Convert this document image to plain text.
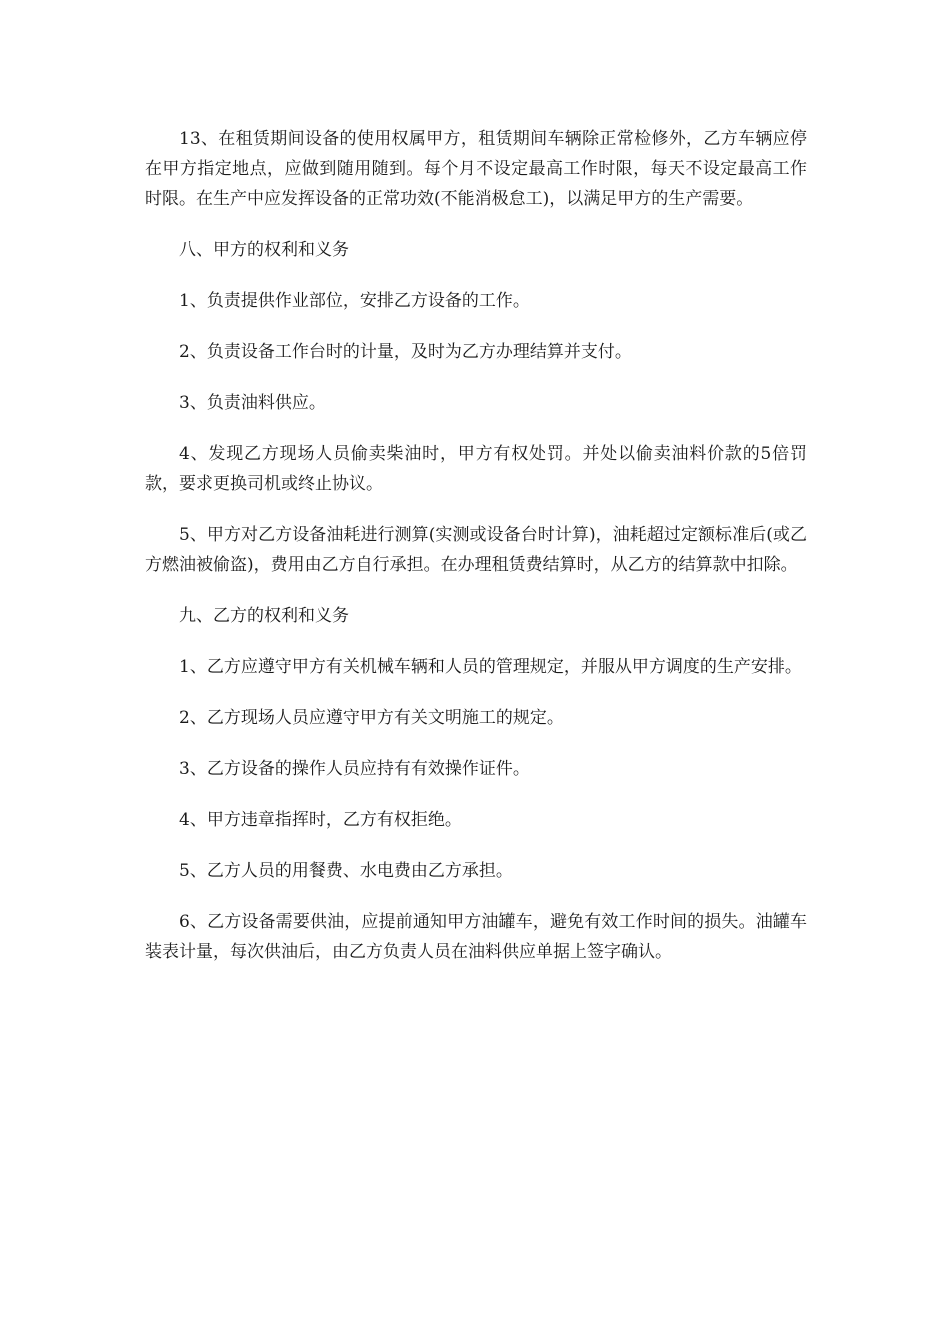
13、在租赁期间设备的使用权属甲方，租赁期间车辆除正常检修外，乙方车辆应停在甲方指定地点，应做到随用随到。每个月不设定最高工作时限，每天不设定最高工作时限。在生产中应发挥设备的正常功效(不能消极怠工)，以满足甲方的生产需要。

八、甲方的权利和义务

1、负责提供作业部位，安排乙方设备的工作。

2、负责设备工作台时的计量，及时为乙方办理结算并支付。

3、负责油料供应。

4、发现乙方现场人员偷卖柴油时，甲方有权处罚。并处以偷卖油料价款的5倍罚款，要求更换司机或终止协议。

5、甲方对乙方设备油耗进行测算(实测或设备台时计算)，油耗超过定额标准后(或乙方燃油被偷盗)，费用由乙方自行承担。在办理租赁费结算时，从乙方的结算款中扣除。

九、乙方的权利和义务

1、乙方应遵守甲方有关机械车辆和人员的管理规定，并服从甲方调度的生产安排。

2、乙方现场人员应遵守甲方有关文明施工的规定。

3、乙方设备的操作人员应持有有效操作证件。

4、甲方违章指挥时，乙方有权拒绝。

5、乙方人员的用餐费、水电费由乙方承担。

6、乙方设备需要供油，应提前通知甲方油罐车，避免有效工作时间的损失。油罐车装表计量，每次供油后，由乙方负责人员在油料供应单据上签字确认。
